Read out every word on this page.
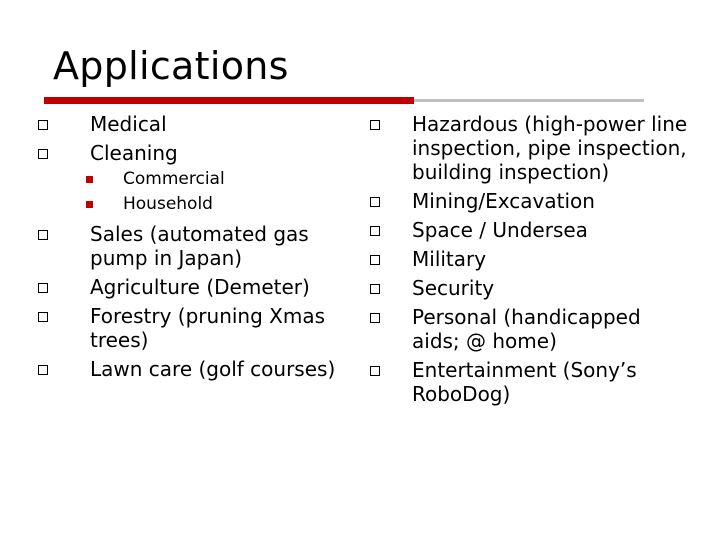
Applications
Medical
Cleaning
Commercial
Household
Sales (automated gas pump in Japan)
Agriculture (Demeter)
Forestry (pruning Xmas trees)
Lawn care (golf courses)
Hazardous (high-power line inspection, pipe inspection, building inspection)
Mining/Excavation
Space / Undersea
Military
Security
Personal (handicapped aids; @ home)
Entertainment (Sony’s RoboDog)
